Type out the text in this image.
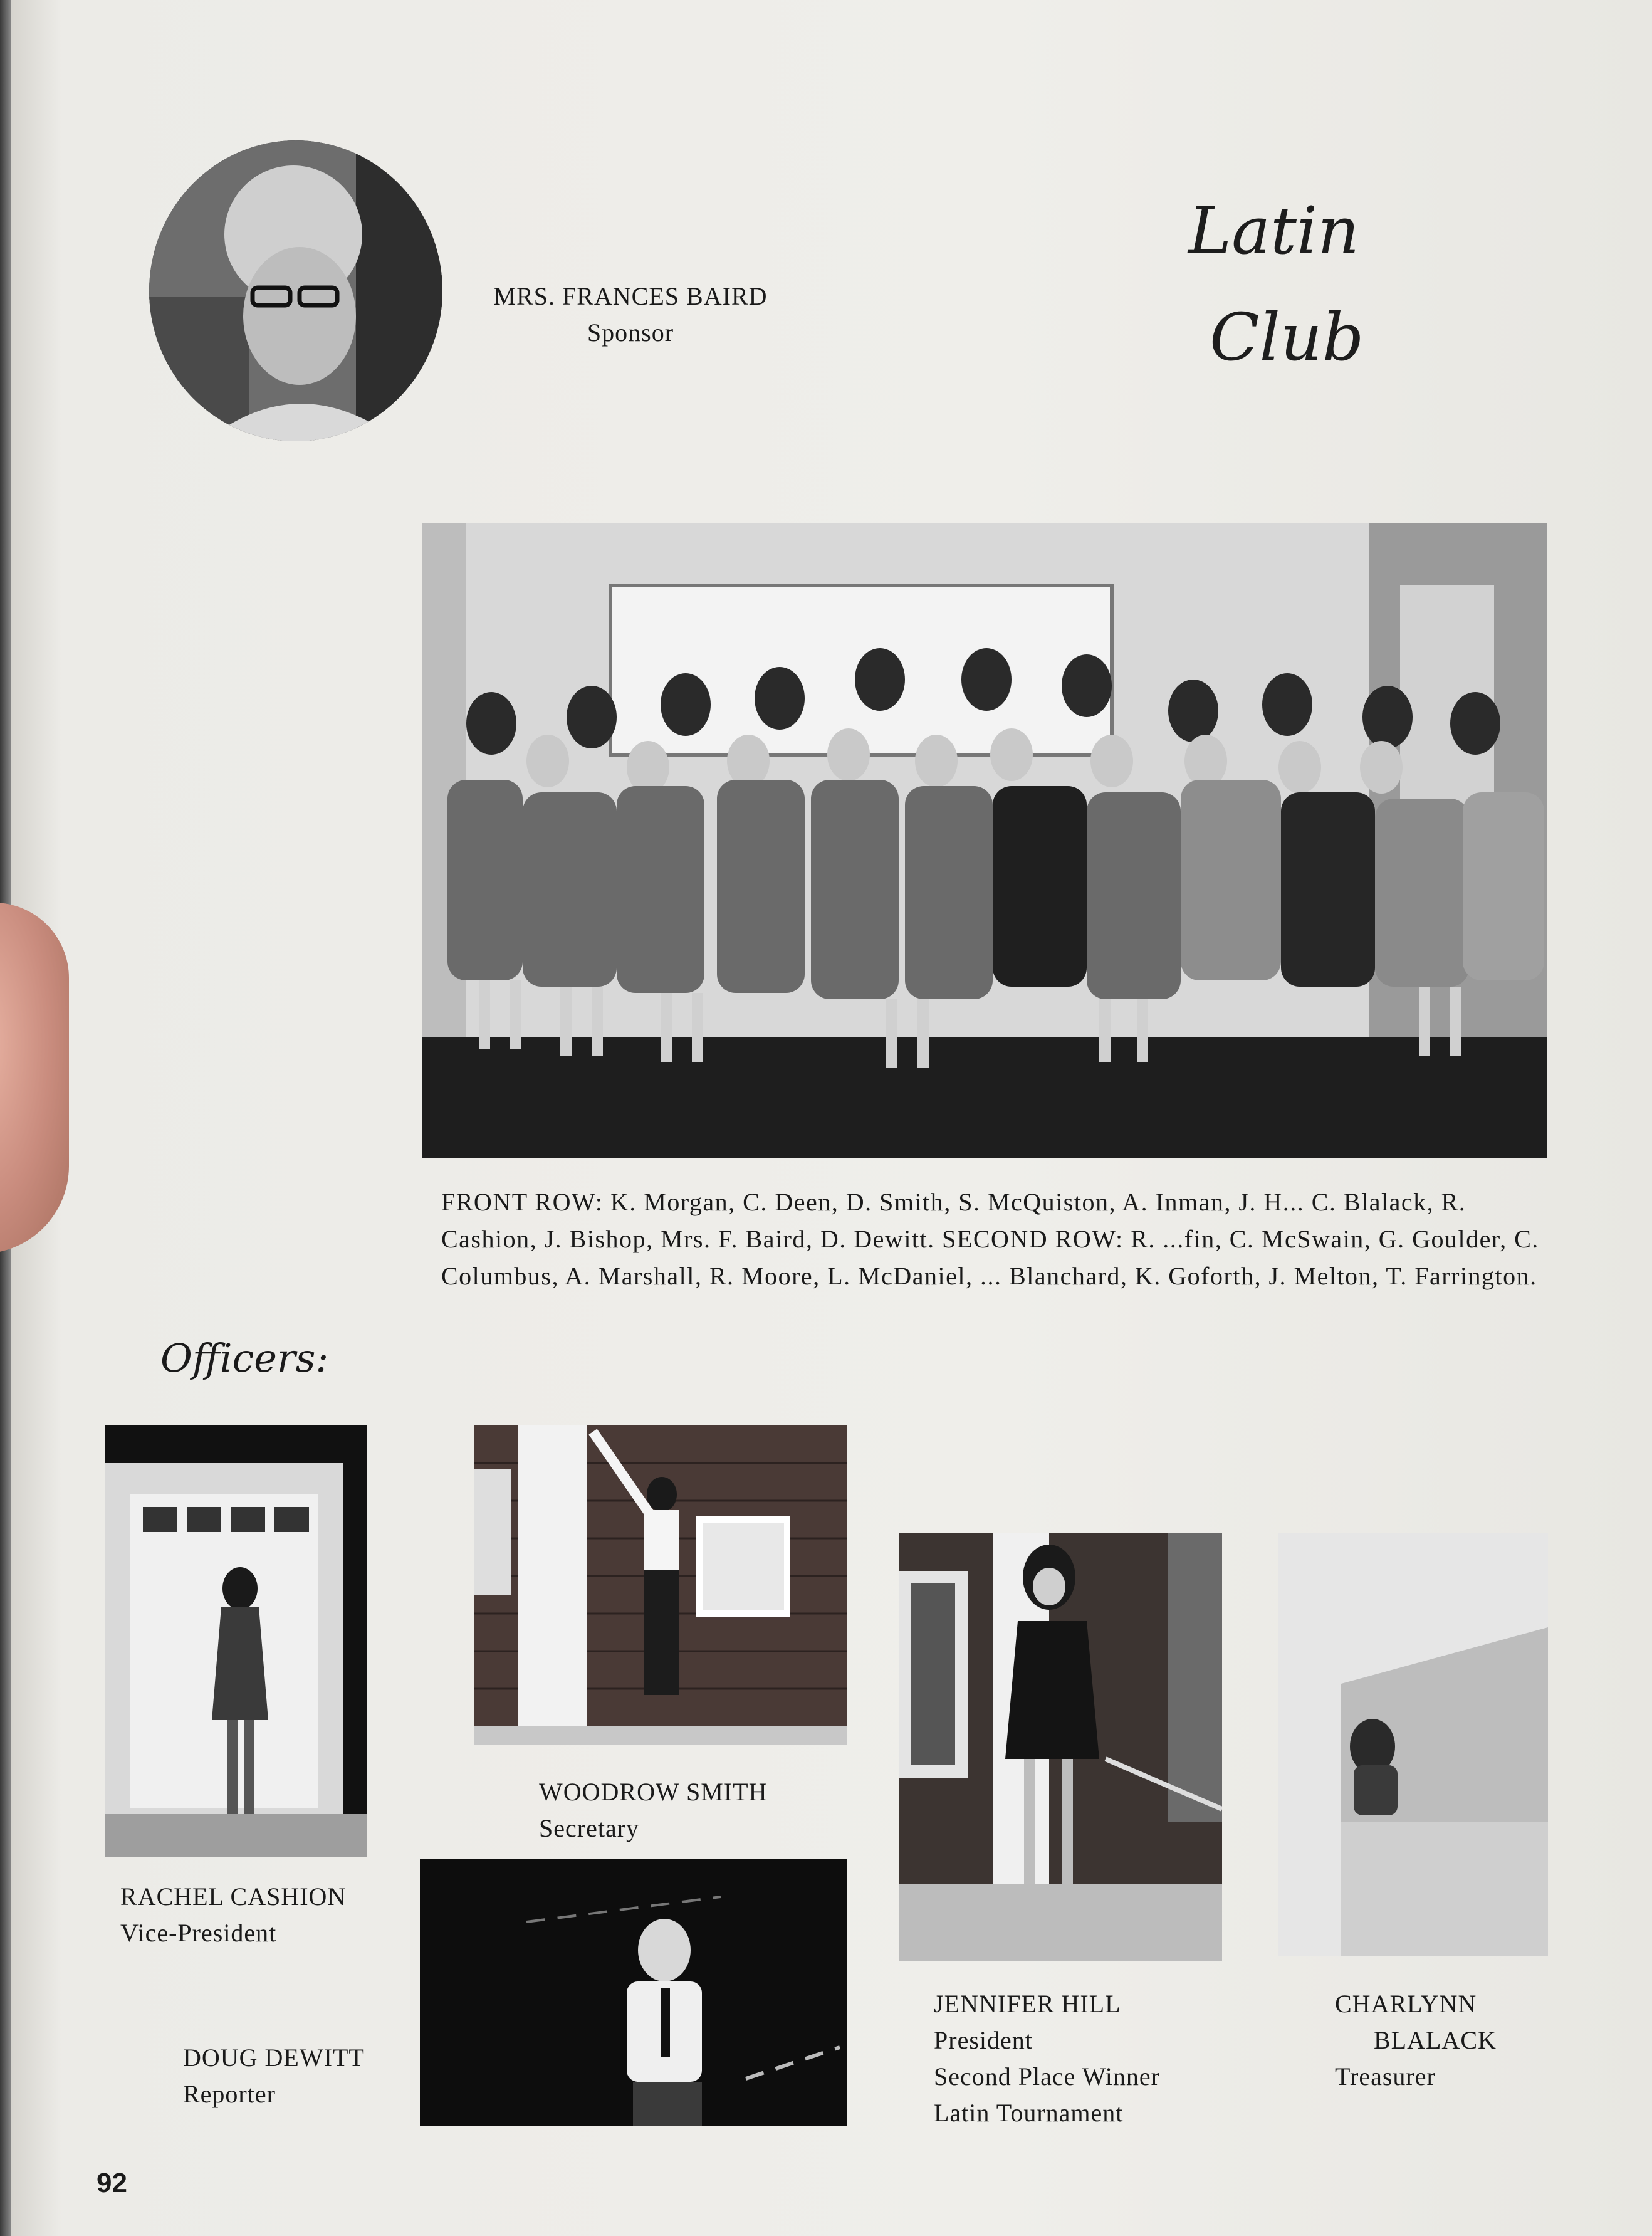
MRS. FRANCES BAIRD
Sponsor
Latin
Club
FRONT ROW: K. Morgan, C. Deen, D. Smith, S. McQuiston, A. Inman, J. H... C. Blalack, R. Cashion, J. Bishop, Mrs. F. Baird, D. Dewitt. SECOND ROW: R. ...fin, C. McSwain, G. Goulder, C. Columbus, A. Marshall, R. Moore, L. McDaniel, ... Blanchard, K. Goforth, J. Melton, T. Farrington.
Officers:
RACHEL CASHION
Vice-President
WOODROW SMITH
Secretary
DOUG DEWITT
Reporter
JENNIFER HILL
President
Second Place Winner
Latin Tournament
CHARLYNN
BLALACK
Treasurer
92
